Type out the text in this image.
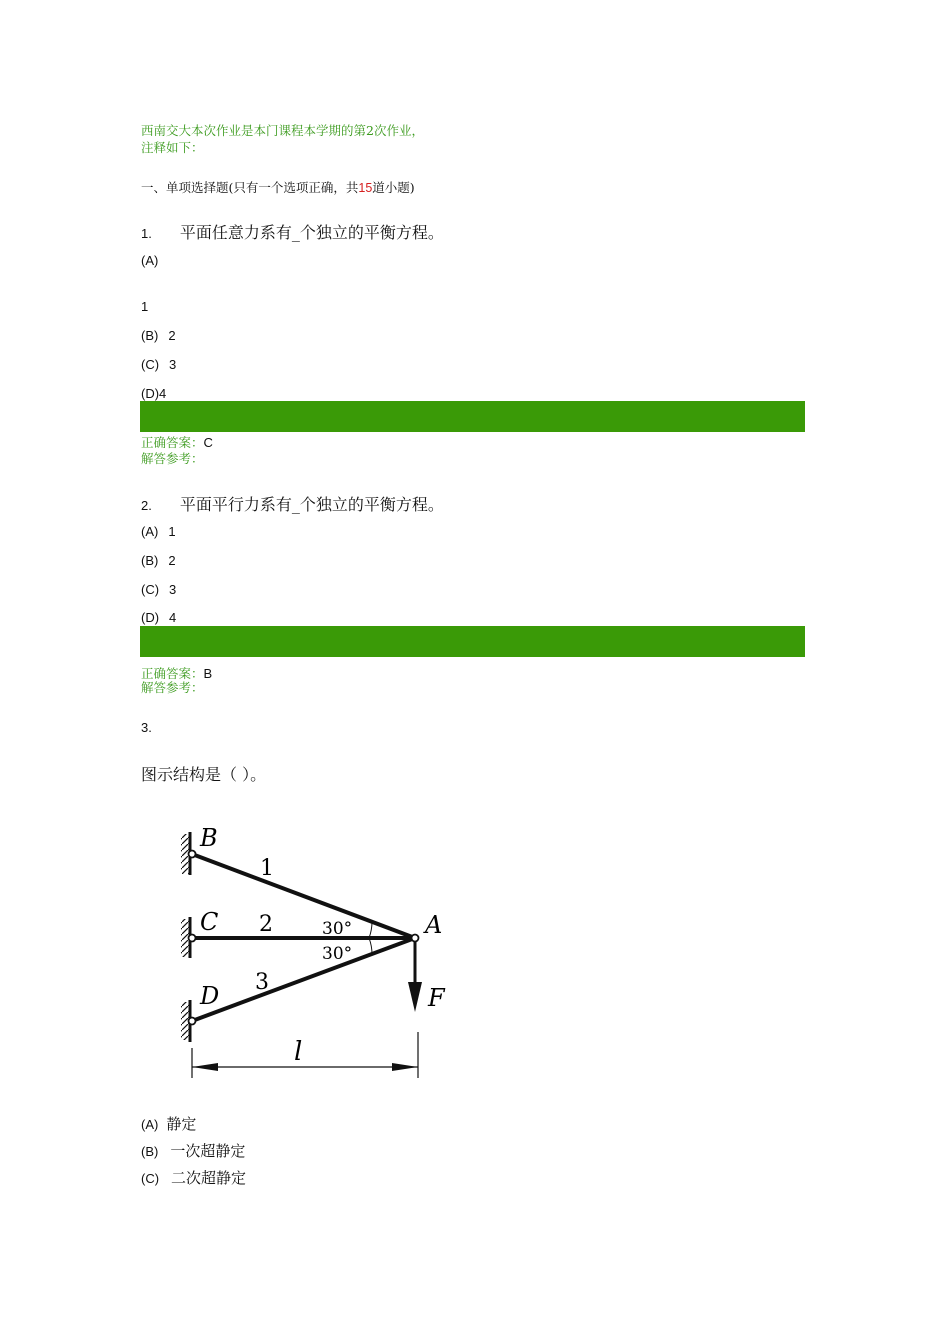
西南交大本次作业是本门课程本学期的第2次作业，
注释如下：
一、单项选择题(只有一个选项正确，共15道小题)
1. 平面任意力系有_个独立的平衡方程。
(A)
1
(B) 2
(C) 3
(D)4
正确答案：C
解答参考：
2. 平面平行力系有_个独立的平衡方程。
(A) 1
(B) 2
(C) 3
(D) 4
正确答案：B
解答参考：
3.
图示结构是（ ）。
B
C
D
A
F
1
2
3
30°
30°
l
(A) 静定
(B) 一次超静定
(C) 二次超静定
